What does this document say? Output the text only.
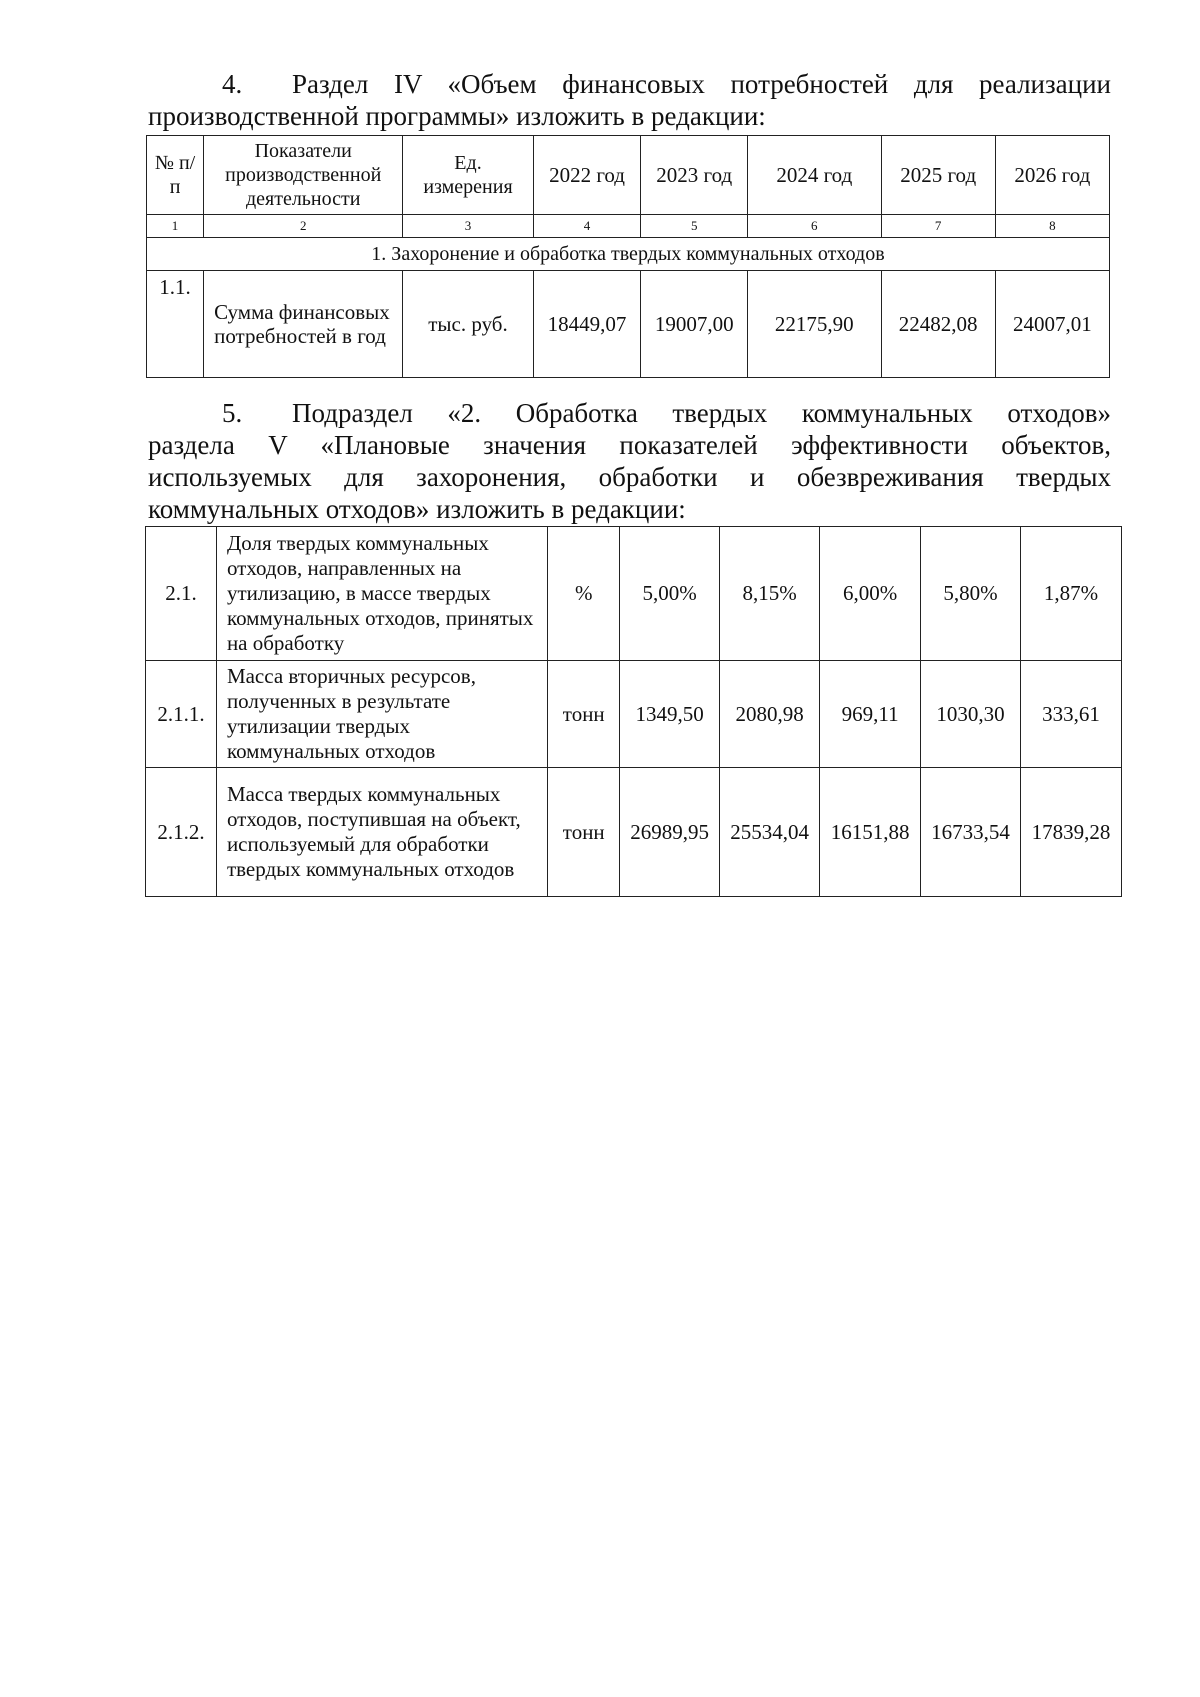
4. Раздел IV «Объем финансовых потребностей для реализации
производственной программы» изложить в редакции:
№ п/п	Показатели производственной деятельности	Ед. измерения	2022 год	2023 год	2024 год	2025 год	2026 год
1	2	3	4	5	6	7	8
1. Захоронение и обработка твердых коммунальных отходов							
1.1.	Сумма финансовых потребностей в год	тыс. руб.	18449,07	19007,00	22175,90	22482,08	24007,01
5. Подраздел «2. Обработка твердых коммунальных отходов»
раздела V «Плановые значения показателей эффективности объектов,
используемых для захоронения, обработки и обезвреживания твердых
коммунальных отходов» изложить в редакции:
2.1.	Доля твердых коммунальных отходов, направленных на утилизацию, в массе твердых коммунальных отходов, принятых на обработку	%	5,00%	8,15%	6,00%	5,80%	1,87%
2.1.1.	Масса вторичных ресурсов, полученных в результате утилизации твердых коммунальных отходов	тонн	1349,50	2080,98	969,11	1030,30	333,61
2.1.2.	Масса твердых коммунальных отходов, поступившая на объект, используемый для обработки твердых коммунальных отходов	тонн	26989,95	25534,04	16151,88	16733,54	17839,28
